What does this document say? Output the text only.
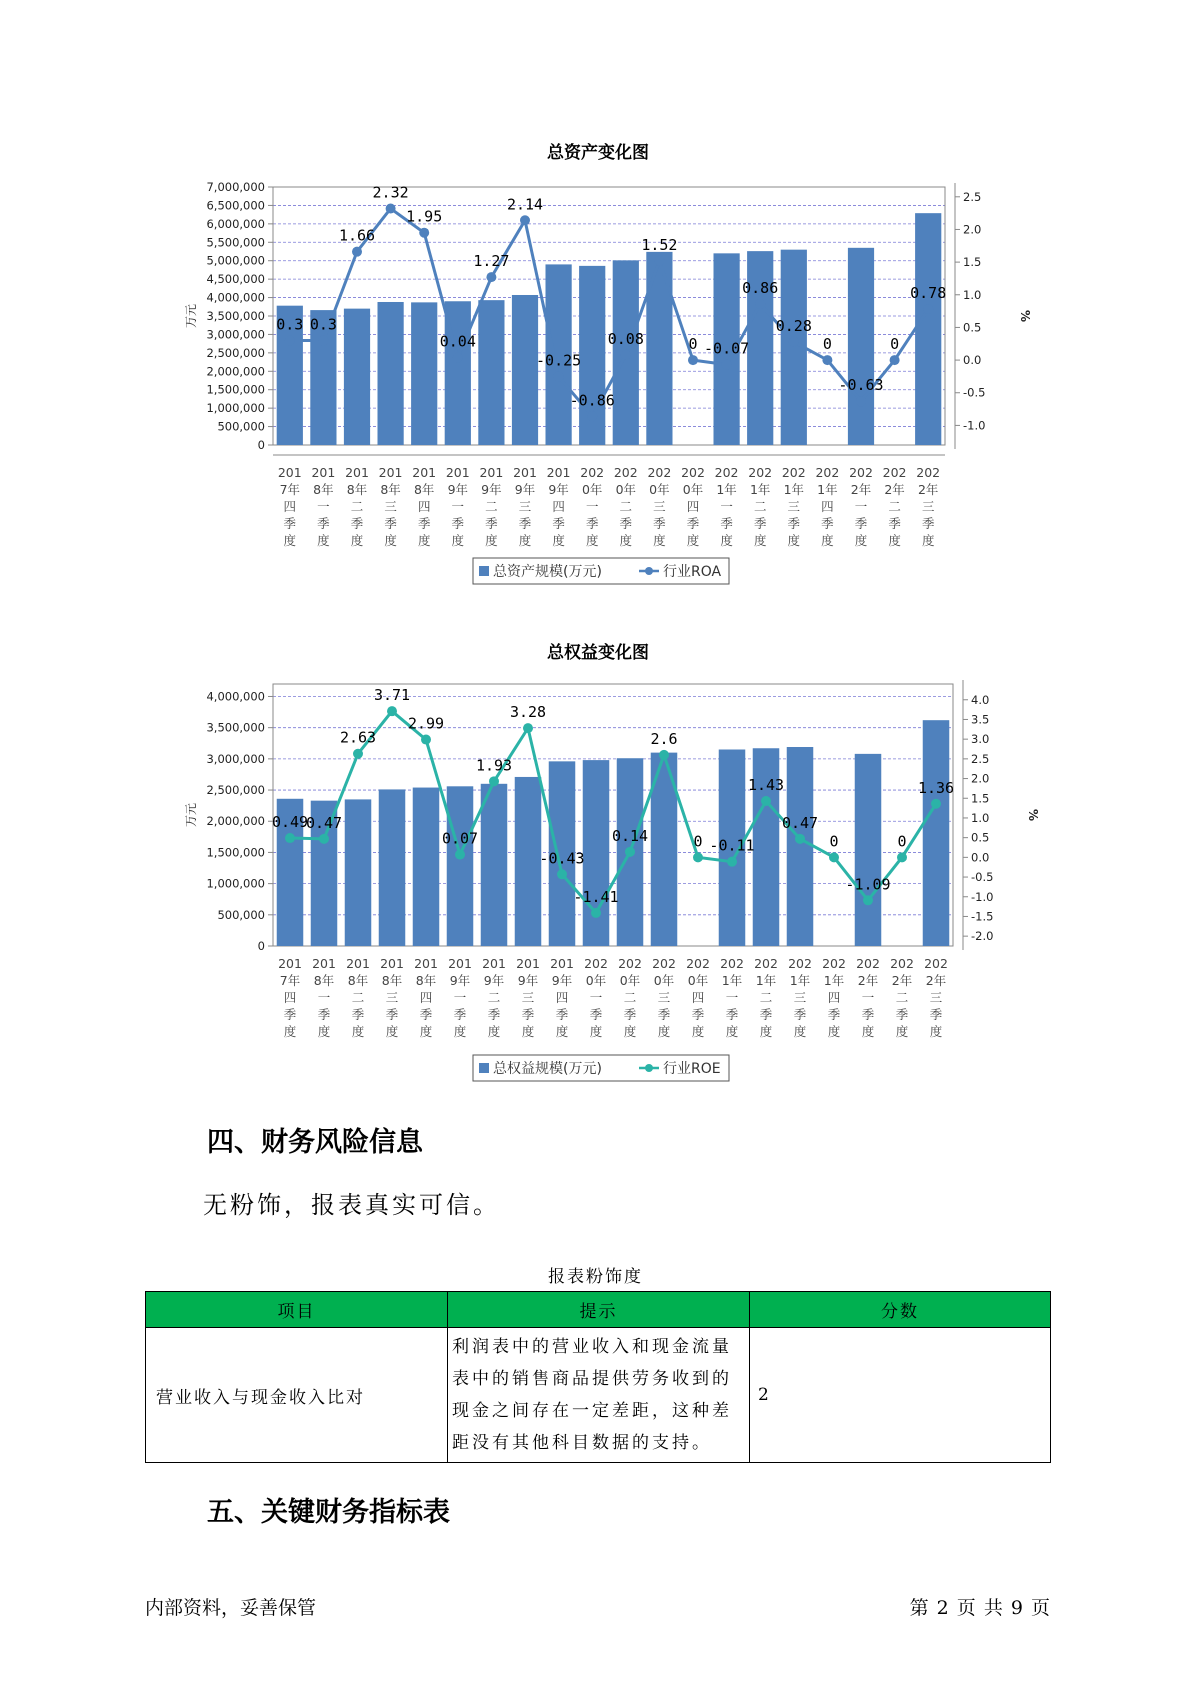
总资产变化图
0
500,000
1,000,000
1,500,000
2,000,000
2,500,000
3,000,000
3,500,000
4,000,000
4,500,000
5,000,000
5,500,000
6,000,000
6,500,000
7,000,000
-1.0
-0.5
0.0
0.5
1.0
1.5
2.0
2.5
万元	%
0.3 0.3
1.66
2.32
1.95
0.04
1.27
2.14
-0.25
-0.86
0.08
1.52
0 -0.07
0.86
0.28
0
-0.63
0
0.78
201
7年
四
季
度
201
8年
一
季
度
201
8年
二
季
度
201
8年
三
季
度
201
8年
四
季
度
201
9年
一
季
度
201
9年
二
季
度
201
9年
三
季
度
201
9年
四
季
度
202
0年
一
季
度
202
0年
二
季
度
202
0年
三
季
度
202
0年
四
季
度
202
1年
一
季
度
202
1年
二
季
度
202
1年
三
季
度
202
1年
四
季
度
202
2年
一
季
度
202
2年
二
季
度
202
2年
三
季
度
总资产规模(万元)	行业ROA
总权益变化图
0
500,000
1,000,000
1,500,000
2,000,000
2,500,000
3,000,000
3,500,000
4,000,000
-2.0
-1.5
-1.0
-0.5
0.0
0.5
1.0
1.5
2.0
2.5
3.0
3.5
4.0
万元	%
0.49
0.47
2.63
3.71
2.99
0.07
1.93
3.28
-0.43
-1.41
0.14
2.6
0 -0.11
1.43
0.47
0
-1.09
0
1.36
201
7年
四
季
度
201
8年
一
季
度
201
8年
二
季
度
201
8年
三
季
度
201
8年
四
季
度
201
9年
一
季
度
201
9年
二
季
度
201
9年
三
季
度
201
9年
四
季
度
202
0年
一
季
度
202
0年
二
季
度
202
0年
三
季
度
202
0年
四
季
度
202
1年
一
季
度
202
1年
二
季
度
202
1年
三
季
度
202
1年
四
季
度
202
2年
一
季
度
202
2年
二
季
度
202
2年
三
季
度
总权益规模(万元)	行业ROE
四、财务风险信息

无粉饰，报表真实可信。

报表粉饰度
项目	提示	分数
营业收入与现金收入比对	利润表中的营业收入和现金流量表中的销售商品提供劳务收到的现金之间存在一定差距，这种差距没有其他科目数据的支持。	2
五、关键财务指标表
内部资料，妥善保管	第 2 页 共 9 页
